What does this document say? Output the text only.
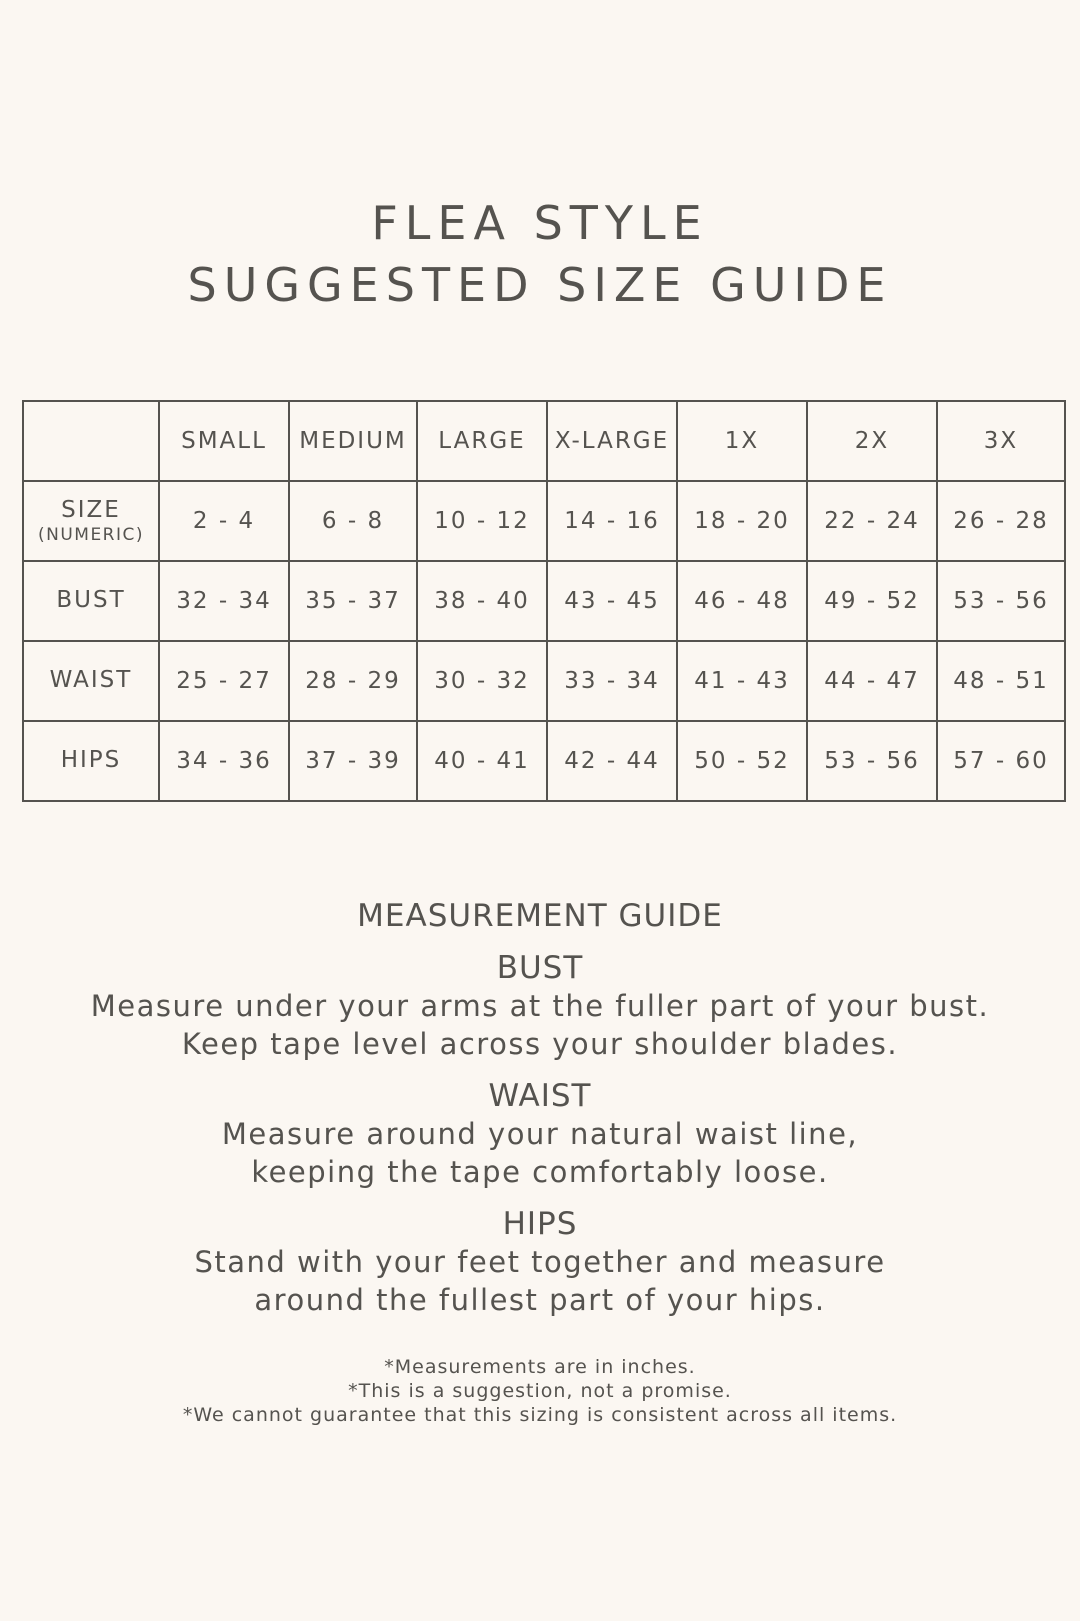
FLEA STYLE
SUGGESTED SIZE GUIDE
	SMALL	MEDIUM	LARGE	X-LARGE	1X	2X	3X
SIZE
(NUMERIC)	2 - 4	6 - 8	10 - 12	14 - 16	18 - 20	22 - 24	26 - 28
BUST	32 - 34	35 - 37	38 - 40	43 - 45	46 - 48	49 - 52	53 - 56
WAIST	25 - 27	28 - 29	30 - 32	33 - 34	41 - 43	44 - 47	48 - 51
HIPS	34 - 36	37 - 39	40 - 41	42 - 44	50 - 52	53 - 56	57 - 60

MEASUREMENT GUIDE

BUST

Measure under your arms at the fuller part of your bust.
Keep tape level across your shoulder blades.

WAIST

Measure around your natural waist line,
keeping the tape comfortably loose.

HIPS

Stand with your feet together and measure
around the fullest part of your hips.
*Measurements are in inches.
*This is a suggestion, not a promise.
*We cannot guarantee that this sizing is consistent across all items.
